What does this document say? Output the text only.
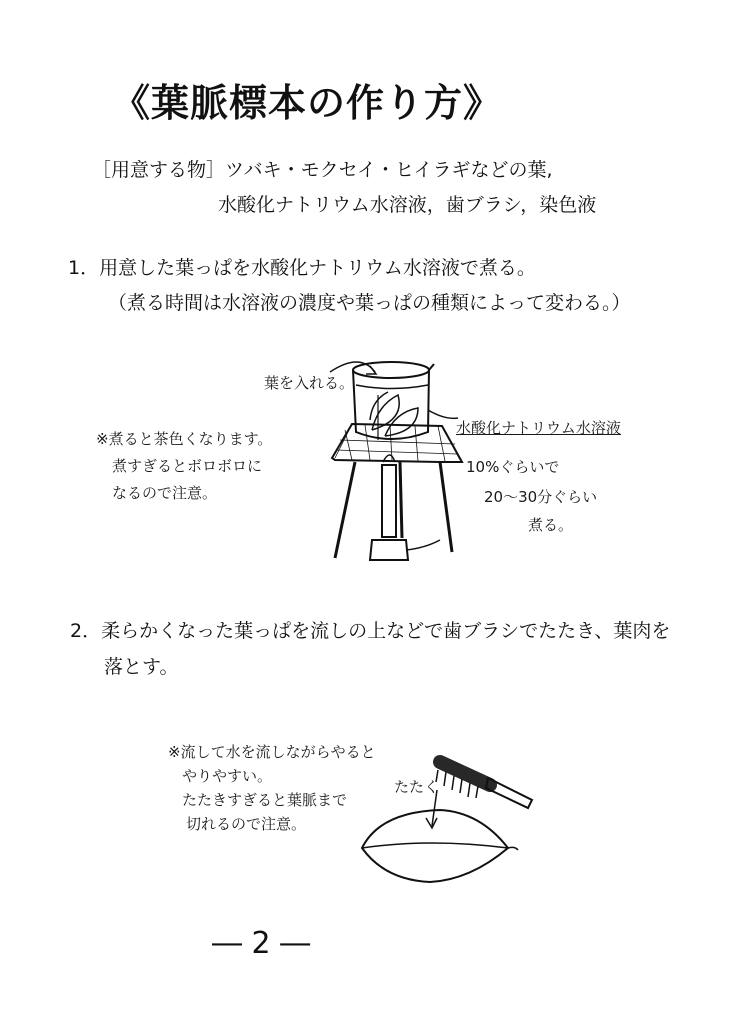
《葉脈標本の作り方》
［用意する物］ツバキ・モクセイ・ヒイラギなどの葉,
水酸化ナトリウム水溶液，歯ブラシ，染色液
1．用意した葉っぱを水酸化ナトリウム水溶液で煮る。
（煮る時間は水溶液の濃度や葉っぱの種類によって変わる。）
葉を入れる。
水酸化ナトリウム水溶液
10%ぐらいで
20〜30分ぐらい
煮る。
※煮ると茶色くなります。
煮すぎるとボロボロに
なるので注意。
2．柔らかくなった葉っぱを流しの上などで歯ブラシでたたき、葉肉を
落とす。
※流して水を流しながらやると
やりやすい。
たたきすぎると葉脈まで
切れるので注意。
たたく
― 2 ―
